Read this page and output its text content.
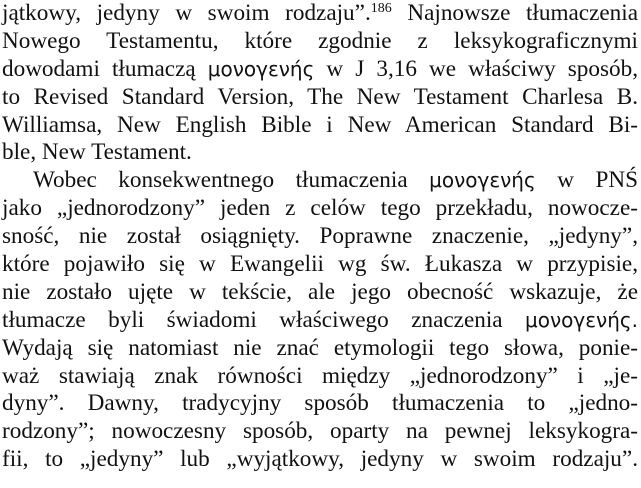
jątkowy, jedyny w swoim rodzaju”.$^{186}$ Najnowsze tłumaczenia
Nowego Testamentu, które zgodnie z leksykograficznymi
dowodami tłumaczą μονογενής w J 3,16 we właściwy sposób,
to Revised Standard Version, The New Testament Charlesa B.
Williamsa, New English Bible i New American Standard Bi-
ble, New Testament.
Wobec konsekwentnego tłumaczenia μονογενής w PNŚ
jako „jednorodzony” jeden z celów tego przekładu, nowocze-
sność, nie został osiągnięty. Poprawne znaczenie, „jedyny”,
które pojawiło się w Ewangelii wg św. Łukasza w przypisie,
nie zostało ujęte w tekście, ale jego obecność wskazuje, że
tłumacze byli świadomi właściwego znaczenia μονογενής.
Wydają się natomiast nie znać etymologii tego słowa, ponie-
waż stawiają znak równości między „jednorodzony” i „je-
dyny”. Dawny, tradycyjny sposób tłumaczenia to „jedno-
rodzony”; nowoczesny sposób, oparty na pewnej leksykogra-
fii, to „jedyny” lub „wyjątkowy, jedyny w swoim rodzaju”.
